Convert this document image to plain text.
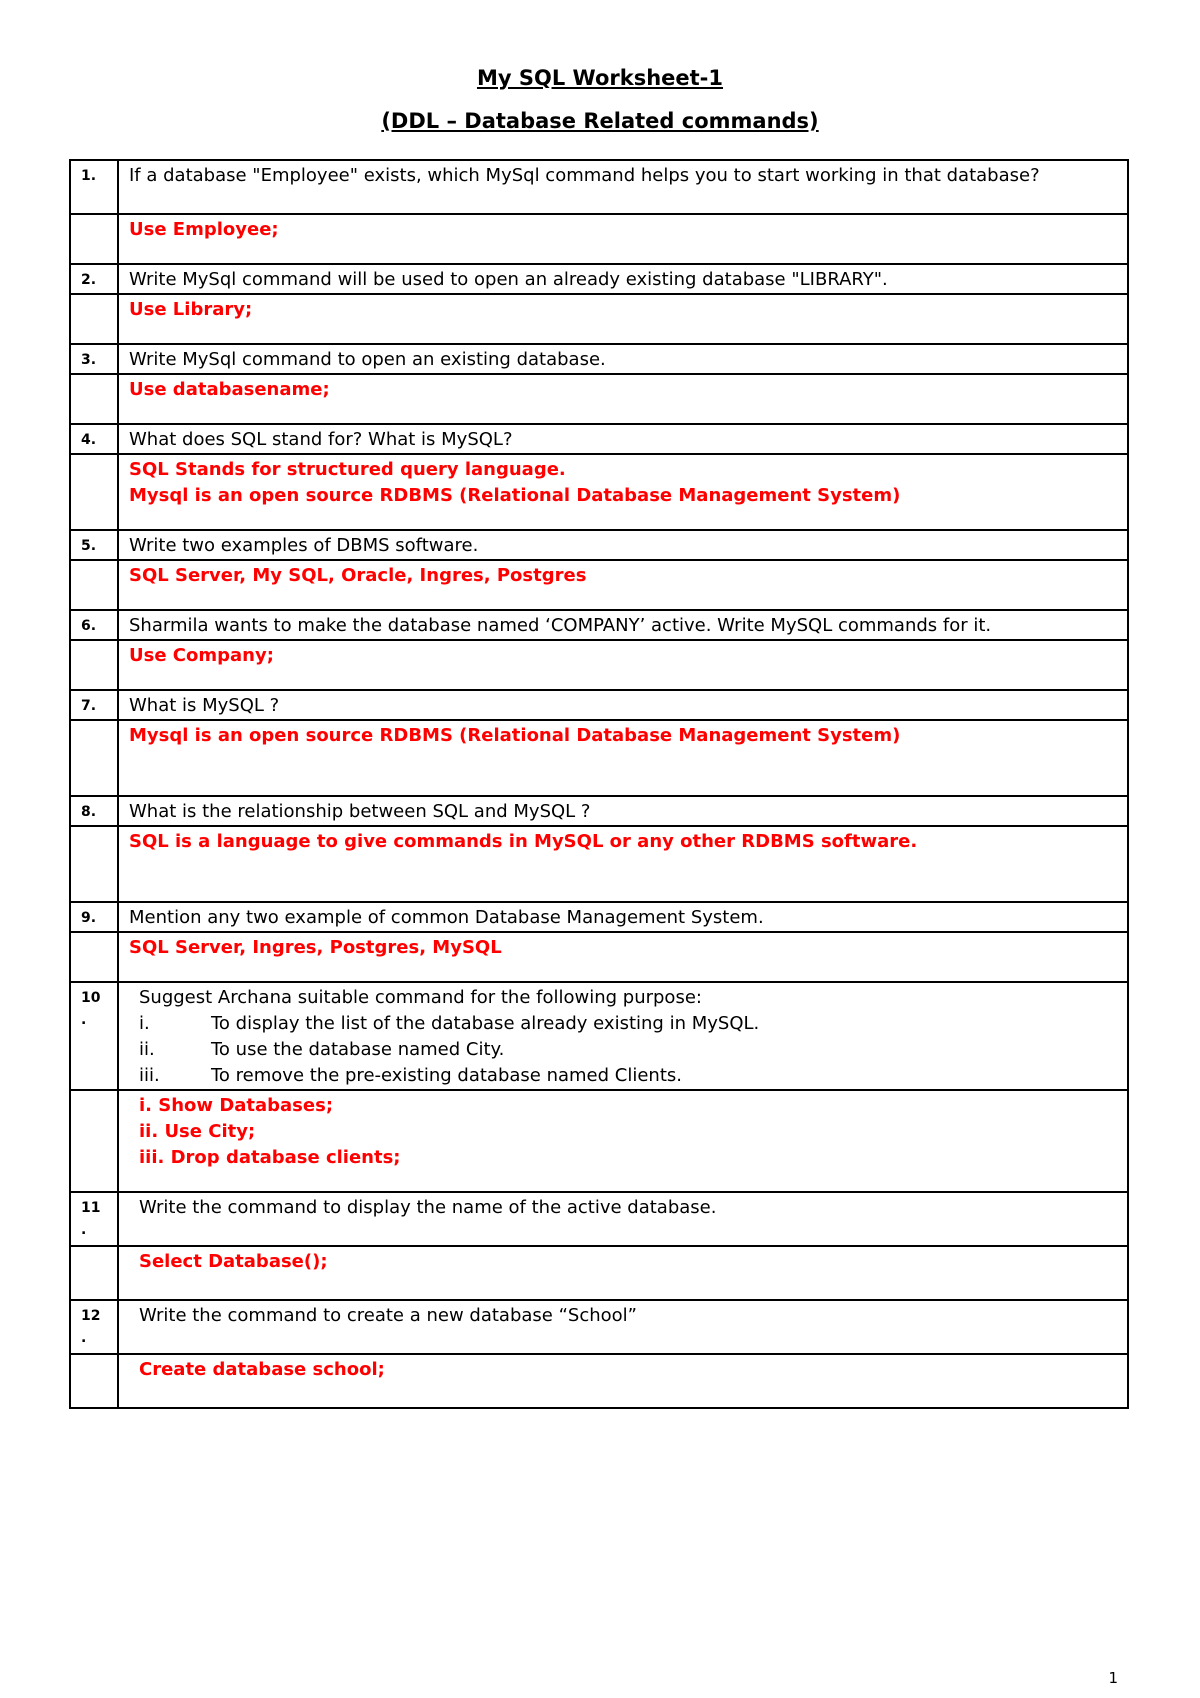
My SQL Worksheet-1
(DDL – Database Related commands)
1.	If a database "Employee" exists, which MySql command helps you to start working in that database?
	Use Employee;
2.	Write MySql command will be used to open an already existing database "LIBRARY".
	Use Library;
3.	Write MySql command to open an existing database.
	Use databasename;
4.	What does SQL stand for? What is MySQL?

	SQL Stands for structured query language.
Mysql is an open source RDBMS (Relational Database Management System)

5.	Write two examples of DBMS software.
	SQL Server, My SQL, Oracle, Ingres, Postgres
6.	Sharmila wants to make the database named ‘COMPANY’ active. Write MySQL commands for it.
	Use Company;
7.	What is MySQL ?
	Mysql is an open source RDBMS (Relational Database Management System)
8.	What is the relationship between SQL and MySQL ?
	SQL is a language to give commands in MySQL or any other RDBMS software.
9.	Mention any two example of common Database Management System.
	SQL Server, Ingres, Postgres, MySQL
10
.	Suggest Archana suitable command for the following purpose:
i. To display the list of the database already existing in MySQL.
ii. To use the database named City.
iii. To remove the pre-existing database named Clients.

	i. Show Databases;
ii. Use City;
iii. Drop database clients;

11
.	Write the command to display the name of the active database.
	Select Database();
12
.	Write the command to create a new database “School”
	Create database school;
1
